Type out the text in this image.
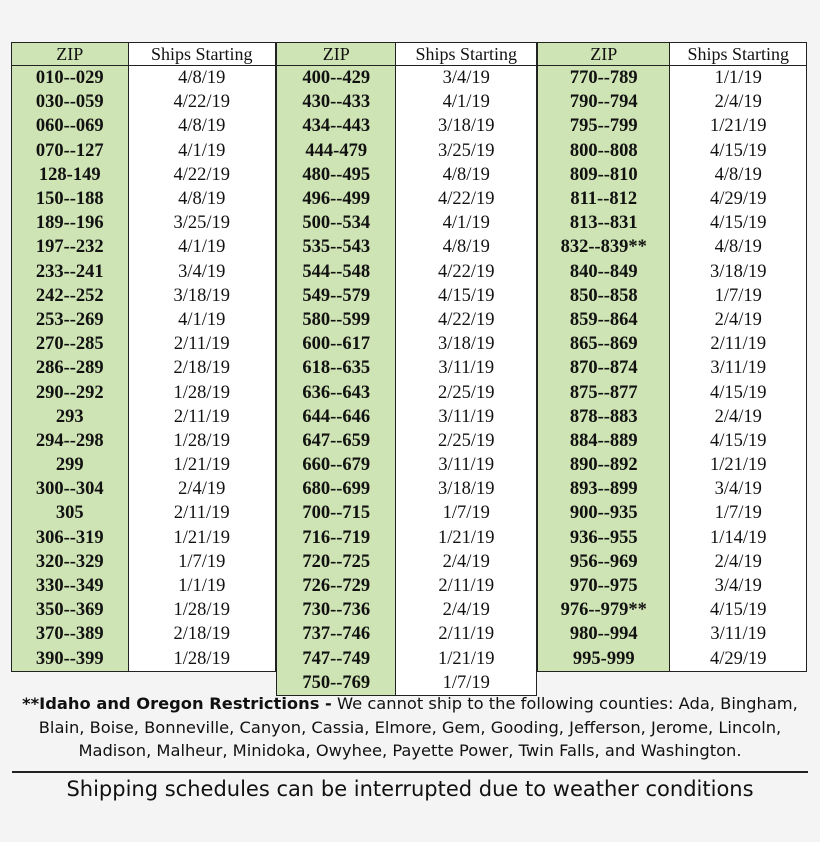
ZIP	Ships Starting
010--029	4/8/19
030--059	4/22/19
060--069	4/8/19
070--127	4/1/19
128-149	4/22/19
150--188	4/8/19
189--196	3/25/19
197--232	4/1/19
233--241	3/4/19
242--252	3/18/19
253--269	4/1/19
270--285	2/11/19
286--289	2/18/19
290--292	1/28/19
293	2/11/19
294--298	1/28/19
299	1/21/19
300--304	2/4/19
305	2/11/19
306--319	1/21/19
320--329	1/7/19
330--349	1/1/19
350--369	1/28/19
370--389	2/18/19
390--399	1/28/19
ZIP	Ships Starting
400--429	3/4/19
430--433	4/1/19
434--443	3/18/19
444-479	3/25/19
480--495	4/8/19
496--499	4/22/19
500--534	4/1/19
535--543	4/8/19
544--548	4/22/19
549--579	4/15/19
580--599	4/22/19
600--617	3/18/19
618--635	3/11/19
636--643	2/25/19
644--646	3/11/19
647--659	2/25/19
660--679	3/11/19
680--699	3/18/19
700--715	1/7/19
716--719	1/21/19
720--725	2/4/19
726--729	2/11/19
730--736	2/4/19
737--746	2/11/19
747--749	1/21/19
750--769	1/7/19
ZIP	Ships Starting
770--789	1/1/19
790--794	2/4/19
795--799	1/21/19
800--808	4/15/19
809--810	4/8/19
811--812	4/29/19
813--831	4/15/19
832--839**	4/8/19
840--849	3/18/19
850--858	1/7/19
859--864	2/4/19
865--869	2/11/19
870--874	3/11/19
875--877	4/15/19
878--883	2/4/19
884--889	4/15/19
890--892	1/21/19
893--899	3/4/19
900--935	1/7/19
936--955	1/14/19
956--969	2/4/19
970--975	3/4/19
976--979**	4/15/19
980--994	3/11/19
995-999	4/29/19
**Idaho and Oregon Restrictions - We cannot ship to the following counties: Ada, Bingham,
Blain, Boise, Bonneville, Canyon, Cassia, Elmore, Gem, Gooding, Jefferson, Jerome, Lincoln,
Madison, Malheur, Minidoka, Owyhee, Payette Power, Twin Falls, and Washington.
Shipping schedules can be interrupted due to weather conditions
